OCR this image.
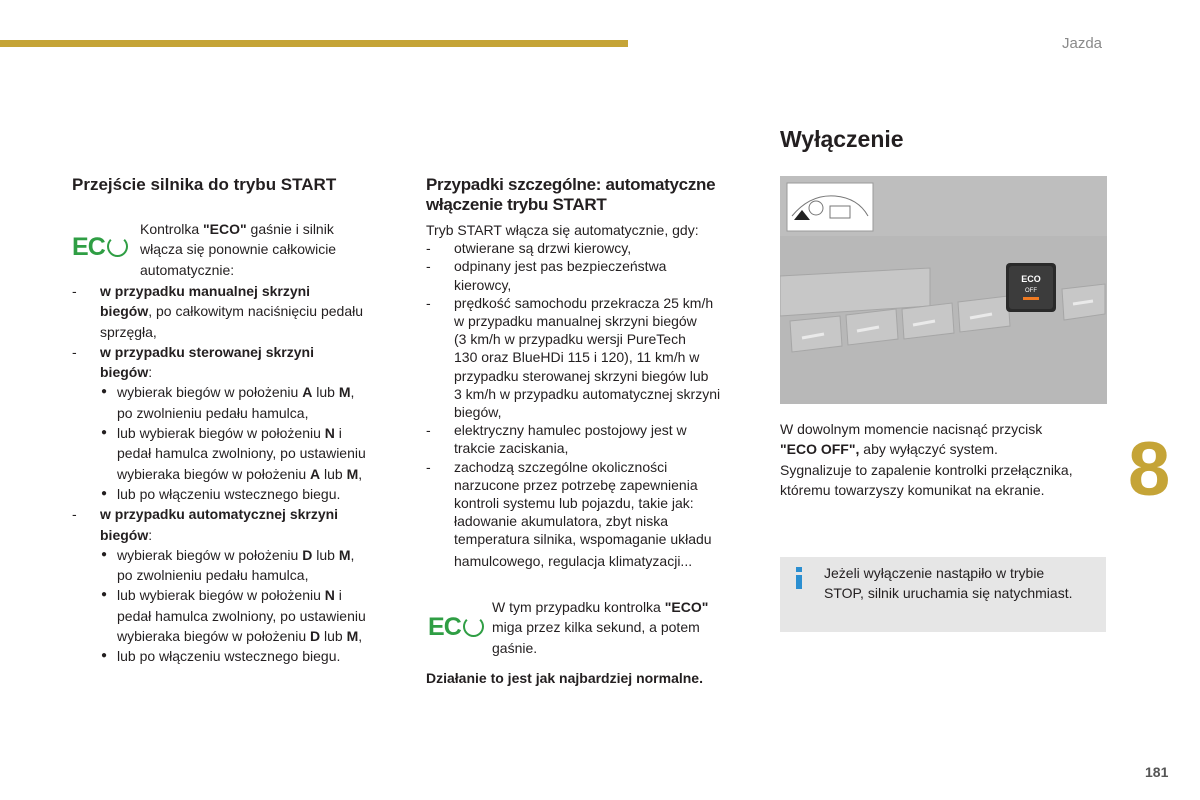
Jazda
8
181
Przejście silnika do trybu START
EC
Kontrolka "ECO" gaśnie i silnik
włącza się ponownie całkowicie
automatycznie:
- w przypadku manualnej skrzyni
biegów, po całkowitym naciśnięciu pedału
sprzęgła,
- w przypadku sterowanej skrzyni
biegów:
● wybierak biegów w położeniu A lub M,
po zwolnieniu pedału hamulca,
● lub wybierak biegów w położeniu N i
pedał hamulca zwolniony, po ustawieniu
wybieraka biegów w położeniu A lub M,
● lub po włączeniu wstecznego biegu.
- w przypadku automatycznej skrzyni
biegów:
● wybierak biegów w położeniu D lub M,
po zwolnieniu pedału hamulca,
● lub wybierak biegów w położeniu N i
pedał hamulca zwolniony, po ustawieniu
wybieraka biegów w położeniu D lub M,
● lub po włączeniu wstecznego biegu.
Przypadki szczególne: automatyczne
włączenie trybu START
Tryb START włącza się automatycznie, gdy:
- otwierane są drzwi kierowcy,
- odpinany jest pas bezpieczeństwa
kierowcy,
- prędkość samochodu przekracza 25 km/h
w przypadku manualnej skrzyni biegów
(3 km/h w przypadku wersji PureTech
130 oraz BlueHDi 115 i 120), 11 km/h w
przypadku sterowanej skrzyni biegów lub
3 km/h w przypadku automatycznej skrzyni
biegów,
- elektryczny hamulec postojowy jest w
trakcie zaciskania,
- zachodzą szczególne okoliczności
narzucone przez potrzebę zapewnienia
kontroli systemu lub pojazdu, takie jak:
ładowanie akumulatora, zbyt niska
temperatura silnika, wspomaganie układu
hamulcowego, regulacja klimatyzacji...
EC
W tym przypadku kontrolka "ECO"
miga przez kilka sekund, a potem
gaśnie.
Działanie to jest jak najbardziej normalne.
Wyłączenie
ECO
OFF
W dowolnym momencie nacisnąć przycisk
"ECO OFF", aby wyłączyć system.
Sygnalizuje to zapalenie kontrolki przełącznika,
któremu towarzyszy komunikat na ekranie.
Jeżeli wyłączenie nastąpiło w trybie
STOP, silnik uruchamia się natychmiast.
